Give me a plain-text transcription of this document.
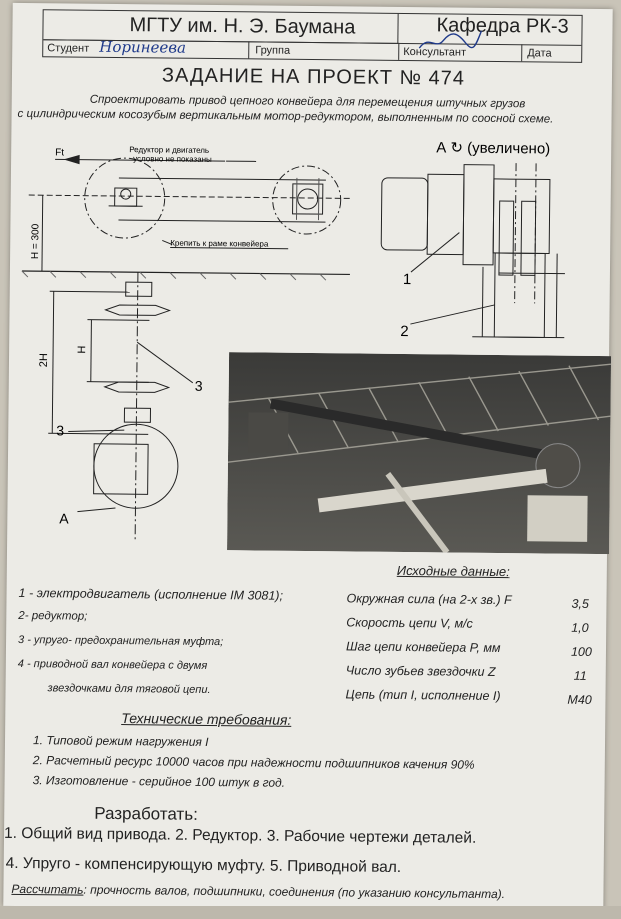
МГТУ им. Н. Э. Баумана	Кафедра РК-3
Студент Норинеева	Группа	Консультант	Дата
ЗАДАНИЕ НА ПРОЕКТ № 474
Спроектировать привод цепного конвейера для перемещения штучных грузов
с цилиндрическим косозубым вертикальным мотор-редуктором, выполненным по соосной схеме.
Редуктор и двигатель
условно не показаны
Ft
Крепить к раме конвейера
H = 300
2H
H
3
3
А
А ↻ (увеличено)
1
2
Исходные данные:
Окружная сила (на 2-х зв.) F	3,5
Скорость цепи V, м/с	1,0
Шаг цепи конвейера P, мм	100
Число зубьев звездочки Z	11
Цепь (тип I, исполнение I)	М40
1 - электродвигатель (исполнение IM 3081);
2- редуктор;
3 - упруго- предохранительная муфта;
4 - приводной вал конвейера с двумя
звездочками для тяговой цепи.
Технические требования:
1. Типовой режим нагружения I
2. Расчетный ресурс 10000 часов при надежности подшипников качения 90%
3. Изготовление - серийное 100 штук в год.
Разработать:
1. Общий вид привода. 2. Редуктор. 3. Рабочие чертежи деталей.
4. Упруго - компенсирующую муфту. 5. Приводной вал.
Рассчитать: прочность валов, подшипники, соединения (по указанию консультанта).
